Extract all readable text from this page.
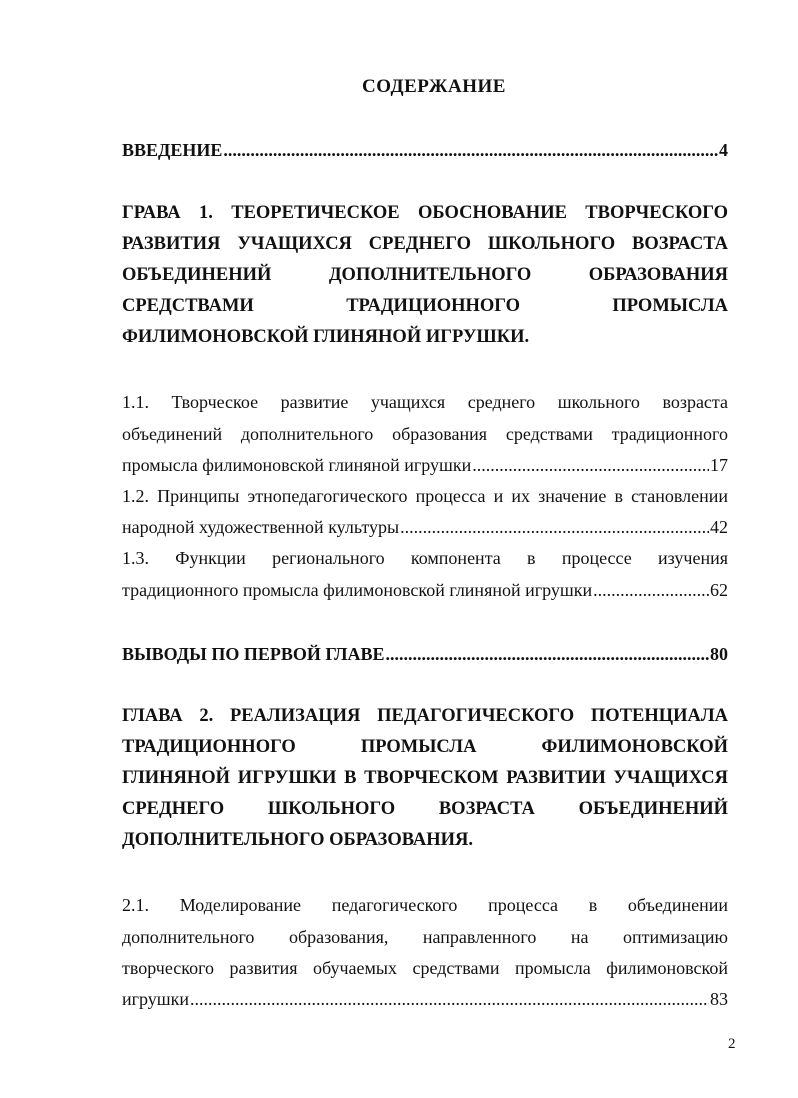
СОДЕРЖАНИЕ
ВВЕДЕНИЕ .....	4
ГРАВА 1. ТЕОРЕТИЧЕСКОЕ ОБОСНОВАНИЕ ТВОРЧЕСКОГО
РАЗВИТИЯ УЧАЩИХСЯ СРЕДНЕГО ШКОЛЬНОГО ВОЗРАСТА
ОБЪЕДИНЕНИЙ ДОПОЛНИТЕЛЬНОГО ОБРАЗОВАНИЯ
СРЕДСТВАМИ ТРАДИЦИОННОГО ПРОМЫСЛА
ФИЛИМОНОВСКОЙ ГЛИНЯНОЙ ИГРУШКИ.
1.1. Творческое развитие учащихся среднего школьного возраста
объединений дополнительного образования средствами традиционного
промысла филимоновской глиняной игрушки .....	17
1.2. Принципы этнопедагогического процесса и их значение в становлении
народной художественной культуры .....	42
1.3. Функции регионального компонента в процессе изучения
традиционного промысла филимоновской глиняной игрушки .....	62
ВЫВОДЫ ПО ПЕРВОЙ ГЛАВЕ .....	80
ГЛАВА 2. РЕАЛИЗАЦИЯ ПЕДАГОГИЧЕСКОГО ПОТЕНЦИАЛА
ТРАДИЦИОННОГО ПРОМЫСЛА ФИЛИМОНОВСКОЙ
ГЛИНЯНОЙ ИГРУШКИ В ТВОРЧЕСКОМ РАЗВИТИИ УЧАЩИХСЯ
СРЕДНЕГО ШКОЛЬНОГО ВОЗРАСТА ОБЪЕДИНЕНИЙ
ДОПОЛНИТЕЛЬНОГО ОБРАЗОВАНИЯ.
2.1. Моделирование педагогического процесса в объединении
дополнительного образования, направленного на оптимизацию
творческого развития обучаемых средствами промысла филимоновской
игрушки .....	83
2
